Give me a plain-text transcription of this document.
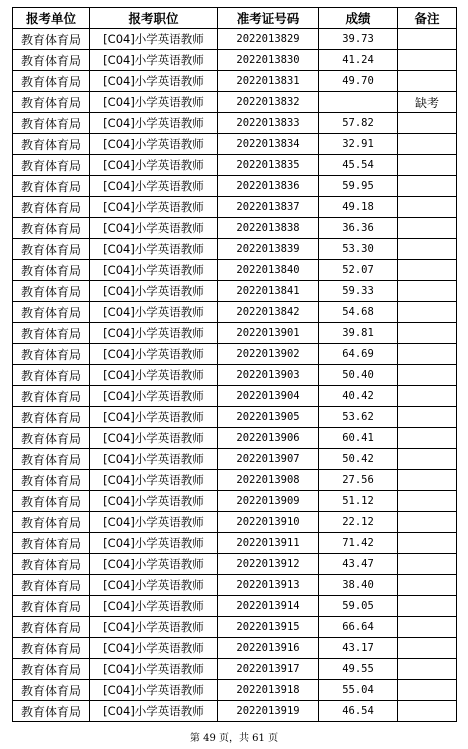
报考单位	报考职位	准考证号码	成绩	备注
教育体育局	[C04]小学英语教师	2022013829	39.73	
教育体育局	[C04]小学英语教师	2022013830	41.24	
教育体育局	[C04]小学英语教师	2022013831	49.70	
教育体育局	[C04]小学英语教师	2022013832		缺考
教育体育局	[C04]小学英语教师	2022013833	57.82	
教育体育局	[C04]小学英语教师	2022013834	32.91	
教育体育局	[C04]小学英语教师	2022013835	45.54	
教育体育局	[C04]小学英语教师	2022013836	59.95	
教育体育局	[C04]小学英语教师	2022013837	49.18	
教育体育局	[C04]小学英语教师	2022013838	36.36	
教育体育局	[C04]小学英语教师	2022013839	53.30	
教育体育局	[C04]小学英语教师	2022013840	52.07	
教育体育局	[C04]小学英语教师	2022013841	59.33	
教育体育局	[C04]小学英语教师	2022013842	54.68	
教育体育局	[C04]小学英语教师	2022013901	39.81	
教育体育局	[C04]小学英语教师	2022013902	64.69	
教育体育局	[C04]小学英语教师	2022013903	50.40	
教育体育局	[C04]小学英语教师	2022013904	40.42	
教育体育局	[C04]小学英语教师	2022013905	53.62	
教育体育局	[C04]小学英语教师	2022013906	60.41	
教育体育局	[C04]小学英语教师	2022013907	50.42	
教育体育局	[C04]小学英语教师	2022013908	27.56	
教育体育局	[C04]小学英语教师	2022013909	51.12	
教育体育局	[C04]小学英语教师	2022013910	22.12	
教育体育局	[C04]小学英语教师	2022013911	71.42	
教育体育局	[C04]小学英语教师	2022013912	43.47	
教育体育局	[C04]小学英语教师	2022013913	38.40	
教育体育局	[C04]小学英语教师	2022013914	59.05	
教育体育局	[C04]小学英语教师	2022013915	66.64	
教育体育局	[C04]小学英语教师	2022013916	43.17	
教育体育局	[C04]小学英语教师	2022013917	49.55	
教育体育局	[C04]小学英语教师	2022013918	55.04	
教育体育局	[C04]小学英语教师	2022013919	46.54	
第 49 页，共 61 页
